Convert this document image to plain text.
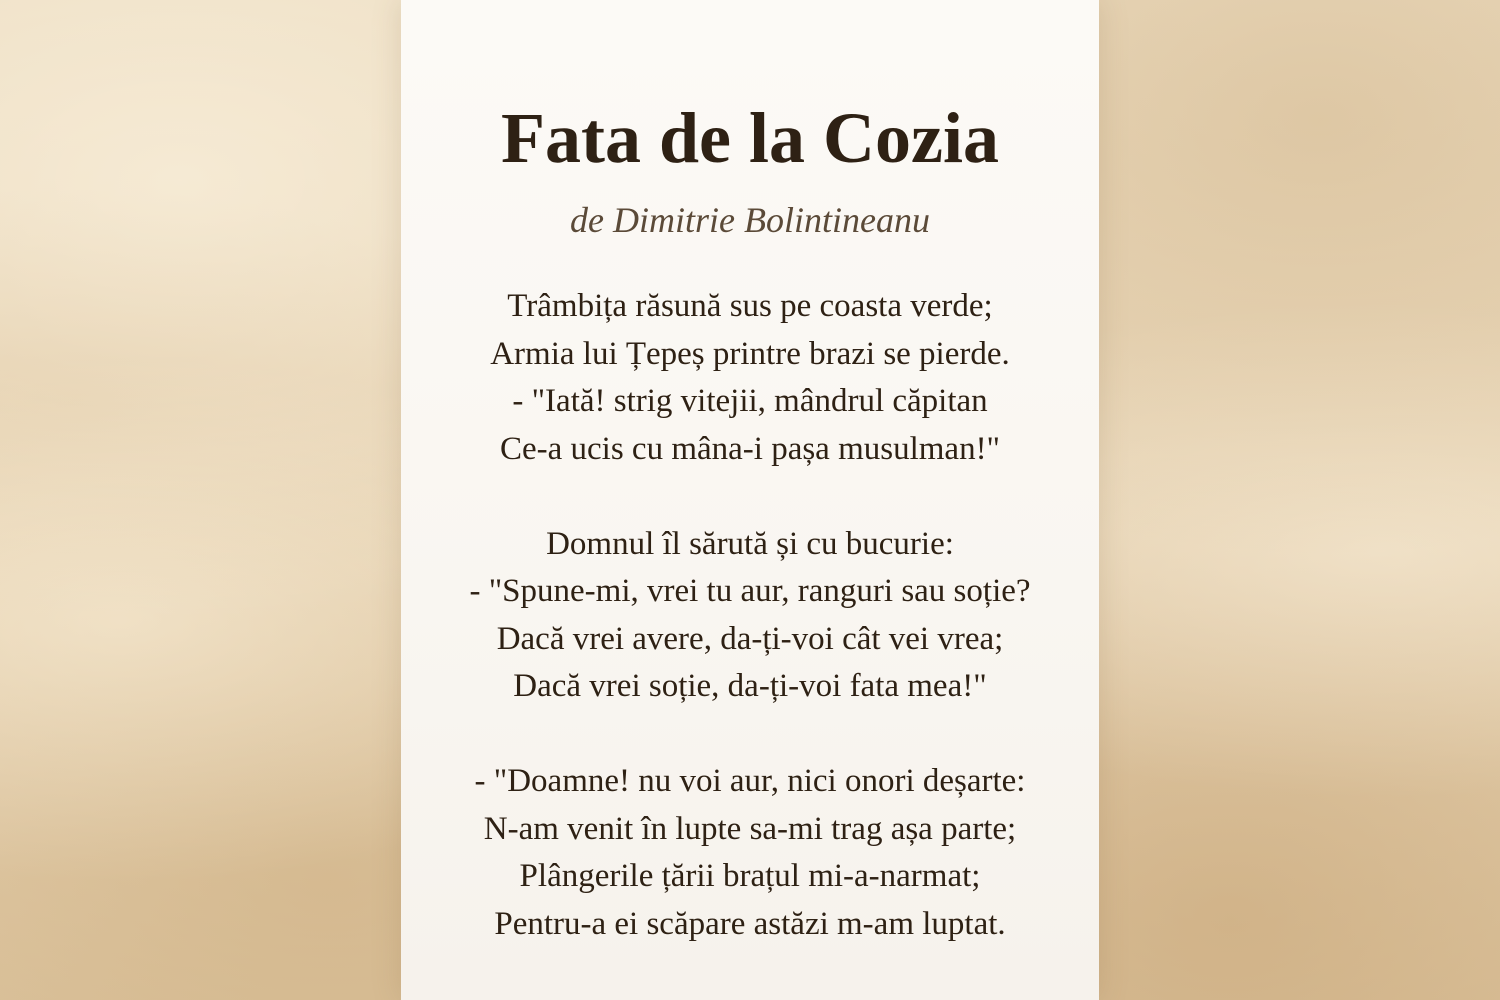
Fata de la Cozia
de Dimitrie Bolintineanu
Trâmbița răsună sus pe coasta verde;
Armia lui Țepeș printre brazi se pierde.
- "Iată! strig vitejii, mândrul căpitan
Ce-a ucis cu mâna-i pașa musulman!"
Domnul îl sărută și cu bucurie:
- "Spune-mi, vrei tu aur, ranguri sau soție?
Dacă vrei avere, da-ți-voi cât vei vrea;
Dacă vrei soție, da-ți-voi fata mea!"
- "Doamne! nu voi aur, nici onori deșarte:
N-am venit în lupte sa-mi trag așa parte;
Plângerile țării brațul mi-a-narmat;
Pentru-a ei scăpare astăzi m-am luptat.
